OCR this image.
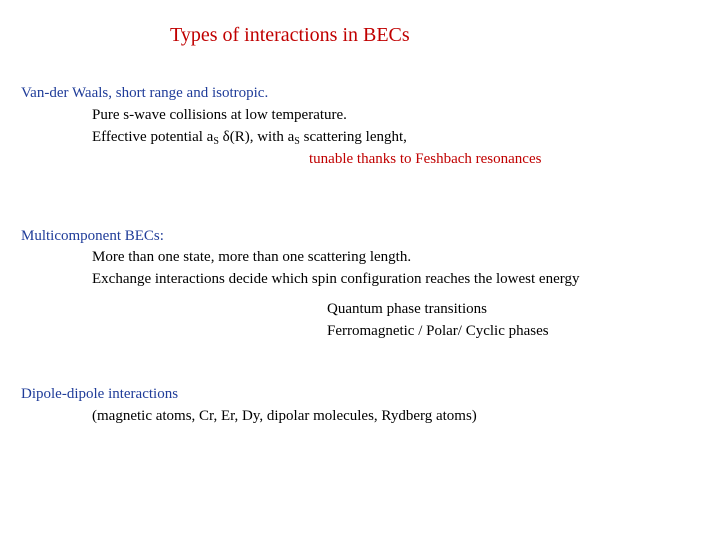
Types of interactions in BECs
Van-der Waals, short range and isotropic.
Pure s-wave collisions at low temperature.
Effective potential $a_S$ δ(R), with $a_S$ scattering lenght,
tunable thanks to Feshbach resonances
Multicomponent BECs:
More than one state, more than one scattering length.
Exchange interactions decide which spin configuration reaches the lowest energy
Quantum phase transitions
Ferromagnetic / Polar/ Cyclic phases
Dipole-dipole interactions
(magnetic atoms, Cr, Er, Dy, dipolar molecules, Rydberg atoms)
